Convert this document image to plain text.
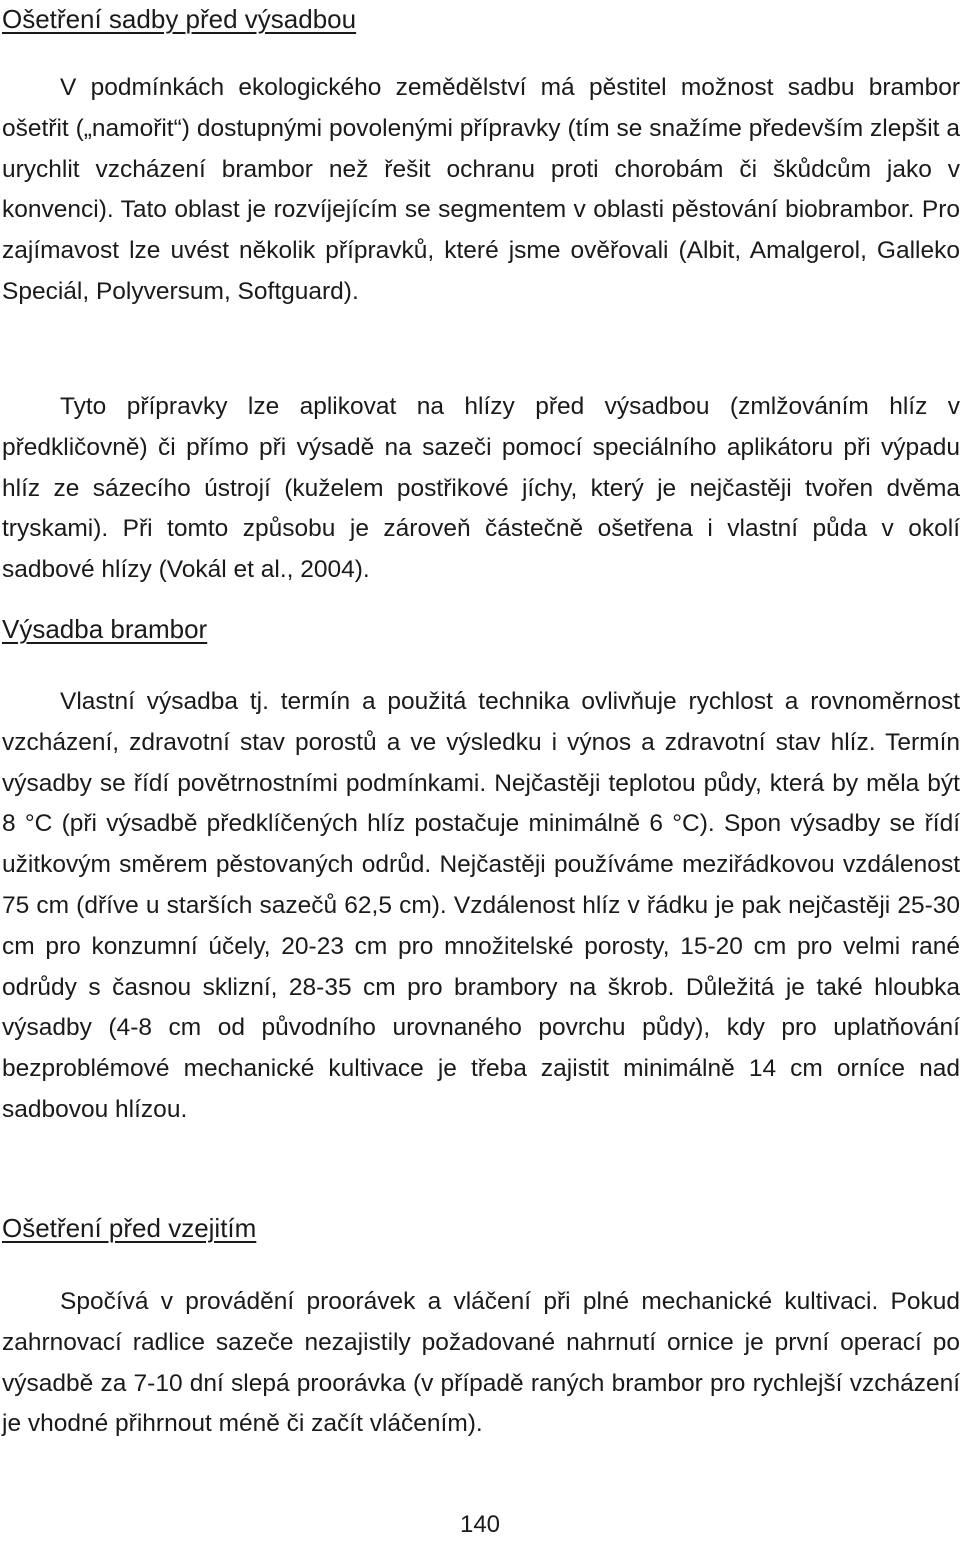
Ošetření sadby před výsadbou

V podmínkách ekologického zemědělství má pěstitel možnost sadbu brambor ošetřit („namořit“) dostupnými povolenými přípravky (tím se snažíme především zlepšit a urychlit vzcházení brambor než řešit ochranu proti chorobám či škůdcům jako v konvenci). Tato oblast je rozvíjejícím se segmentem v oblasti pěstování biobrambor. Pro zajímavost lze uvést několik přípravků, které jsme ověřovali (Albit, Amalgerol, Galleko Speciál, Polyversum, Softguard).

Tyto přípravky lze aplikovat na hlízy před výsadbou (zmlžováním hlíz v předkličovně) či přímo při výsadě na sazeči pomocí speciálního aplikátoru při výpadu hlíz ze sázecího ústrojí (kuželem postřikové jíchy, který je nejčastěji tvořen dvěma tryskami). Při tomto způsobu je zároveň částečně ošetřena i vlastní půda v okolí sadbové hlízy (Vokál et al., 2004).

Výsadba brambor

Vlastní výsadba tj. termín a použitá technika ovlivňuje rychlost a rovnoměrnost vzcházení, zdravotní stav porostů a ve výsledku i výnos a zdravotní stav hlíz. Termín výsadby se řídí povětrnostními podmínkami. Nejčastěji teplotou půdy, která by měla být 8 °C (při výsadbě předklíčených hlíz postačuje minimálně 6 °C). Spon výsadby se řídí užitkovým směrem pěstovaných odrůd. Nejčastěji používáme meziřádkovou vzdálenost 75 cm (dříve u starších sazečů 62,5 cm). Vzdálenost hlíz v řádku je pak nejčastěji 25-30 cm pro konzumní účely, 20-23 cm pro množitelské porosty, 15-20 cm pro velmi rané odrůdy s časnou sklizní, 28-35 cm pro brambory na škrob. Důležitá je také hloubka výsadby (4-8 cm od původního urovnaného povrchu půdy), kdy pro uplatňování bezproblémové mechanické kultivace je třeba zajistit minimálně 14 cm orníce nad sadbovou hlízou.

Ošetření před vzejitím

Spočívá v provádění proorávek a vláčení při plné mechanické kultivaci. Pokud zahrnovací radlice sazeče nezajistily požadované nahrnutí ornice je první operací po výsadbě za 7-10 dní slepá proorávka (v případě raných brambor pro rychlejší vzcházení je vhodné přihrnout méně či začít vláčením).

140
